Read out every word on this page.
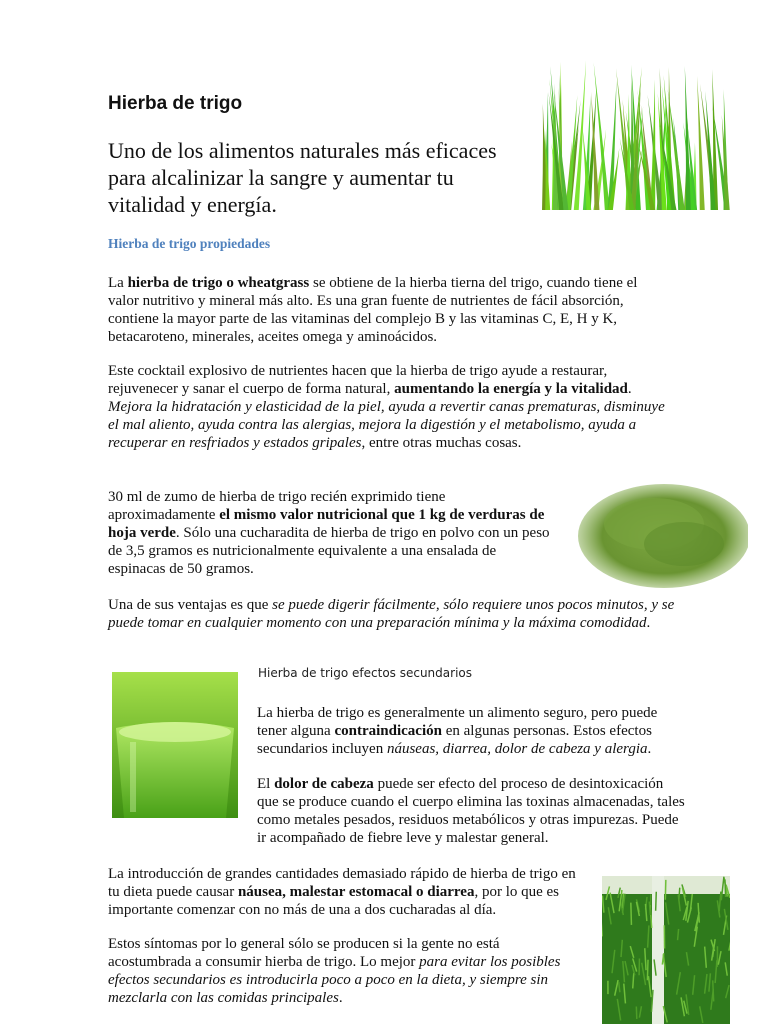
Hierba de trigo
Uno de los alimentos naturales más eficaces para alcalinizar la sangre y aumentar tu vitalidad y energía.
Hierba de trigo propiedades
La hierba de trigo o wheatgrass se obtiene de la hierba tierna del trigo, cuando tiene el valor nutritivo y mineral más alto. Es una gran fuente de nutrientes de fácil absorción, contiene la mayor parte de las vitaminas del complejo B y las vitaminas C, E, H y K, betacaroteno, minerales, aceites omega y aminoácidos.
Este cocktail explosivo de nutrientes hacen que la hierba de trigo ayude a restaurar, rejuvenecer y sanar el cuerpo de forma natural, aumentando la energía y la vitalidad. Mejora la hidratación y elasticidad de la piel, ayuda a revertir canas prematuras, disminuye el mal aliento, ayuda contra las alergias, mejora la digestión y el metabolismo, ayuda a recuperar en resfriados y estados gripales, entre otras muchas cosas.
30 ml de zumo de hierba de trigo recién exprimido tiene aproximadamente el mismo valor nutricional que 1 kg de verduras de hoja verde. Sólo una cucharadita de hierba de trigo en polvo con un peso de 3,5 gramos es nutricionalmente equivalente a una ensalada de espinacas de 50 gramos.
Una de sus ventajas es que se puede digerir fácilmente, sólo requiere unos pocos minutos, y se puede tomar en cualquier momento con una preparación mínima y la máxima comodidad.
Hierba de trigo efectos secundarios
La hierba de trigo es generalmente un alimento seguro, pero puede tener alguna contraindicación en algunas personas. Estos efectos secundarios incluyen náuseas, diarrea, dolor de cabeza y alergia.
El dolor de cabeza puede ser efecto del proceso de desintoxicación que se produce cuando el cuerpo elimina las toxinas almacenadas, tales como metales pesados, residuos metabólicos y otras impurezas. Puede ir acompañado de fiebre leve y malestar general.
La introducción de grandes cantidades demasiado rápido de hierba de trigo en tu dieta puede causar náusea, malestar estomacal o diarrea, por lo que es importante comenzar con no más de una a dos cucharadas al día.
Estos síntomas por lo general sólo se producen si la gente no está acostumbrada a consumir hierba de trigo. Lo mejor para evitar los posibles efectos secundarios es introducirla poco a poco en la dieta, y siempre sin mezclarla con las comidas principales.
